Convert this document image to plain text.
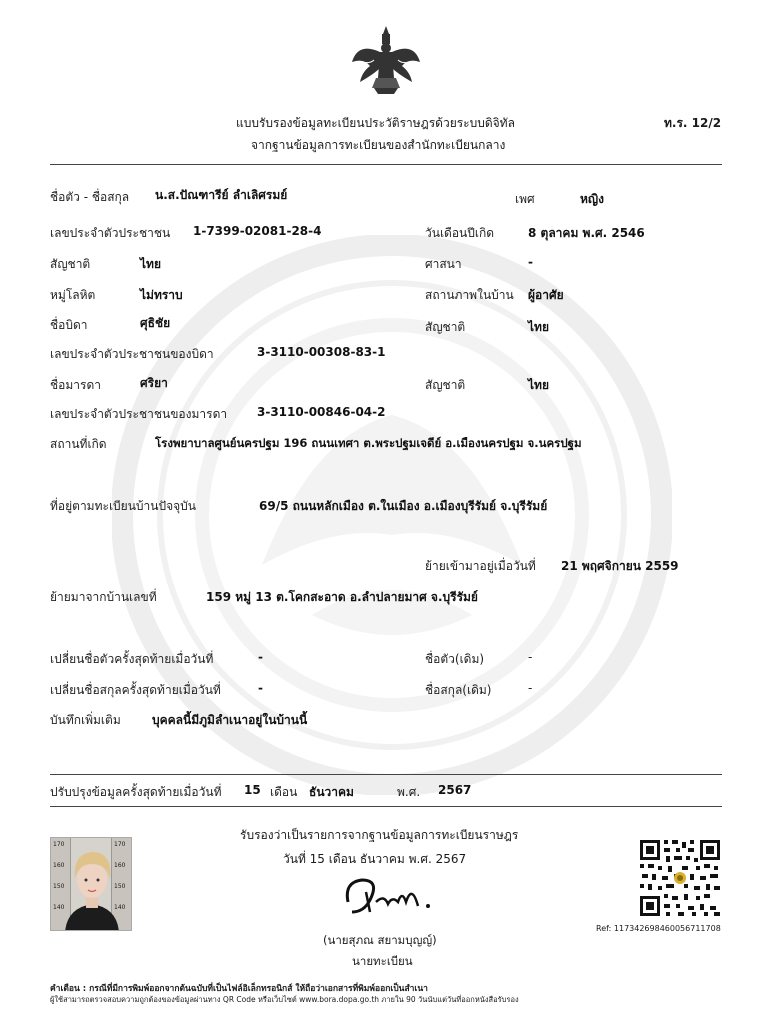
แบบรับรองข้อมูลทะเบียนประวัติราษฎรด้วยระบบดิจิทัล	ท.ร. 12/2
จากฐานข้อมูลการทะเบียนของสำนักทะเบียนกลาง
ชื่อตัว - ชื่อสกุล น.ส.ปัณฑารีย์ ลำเลิศรมย์	เพศ	หญิง
เลขประจำตัวประชาชน 1-7399-02081-28-4	วันเดือนปีเกิด	8 ตุลาคม พ.ศ. 2546
สัญชาติ	ไทย	ศาสนา	-
หมู่โลหิต	ไม่ทราบ	สถานภาพในบ้าน ผู้อาศัย
ชื่อบิดา	ศุธิชัย	สัญชาติ	ไทย
เลขประจำตัวประชาชนของบิดา	3-3110-00308-83-1
ชื่อมารดา	ศริยา	สัญชาติ	ไทย
เลขประจำตัวประชาชนของมารดา 3-3110-00846-04-2
สถานที่เกิด	โรงพยาบาลศูนย์นครปฐม 196 ถนนเทศา ต.พระปฐมเจดีย์ อ.เมืองนครปฐม จ.นครปฐม
ที่อยู่ตามทะเบียนบ้านปัจจุบัน	69/5 ถนนหลักเมือง ต.ในเมือง อ.เมืองบุรีรัมย์ จ.บุรีรัมย์
ย้ายเข้ามาอยู่เมื่อวันที่ 21 พฤศจิกายน 2559
ย้ายมาจากบ้านเลขที่	159 หมู่ 13 ต.โคกสะอาด อ.ลำปลายมาศ จ.บุรีรัมย์
เปลี่ยนชื่อตัวครั้งสุดท้ายเมื่อวันที่	-	ชื่อตัว(เดิม)	-
เปลี่ยนชื่อสกุลครั้งสุดท้ายเมื่อวันที่	-	ชื่อสกุล(เดิม)	-
บันทึกเพิ่มเติม	บุคคลนี้มีภูมิลำเนาอยู่ในบ้านนี้
ปรับปรุงข้อมูลครั้งสุดท้ายเมื่อวันที่ 15 เดือน ธันวาคม	พ.ศ. 2567
170
160
150
140
170
160
150
140
รับรองว่าเป็นรายการจากฐานข้อมูลการทะเบียนราษฎร
วันที่ 15 เดือน ธันวาคม พ.ศ. 2567
(นายสุภณ สยามบุญญ์)
นายทะเบียน
Ref: 117342698460056711708
คำเตือน : กรณีที่มีการพิมพ์ออกจากต้นฉบับที่เป็นไฟล์อิเล็กทรอนิกส์ ให้ถือว่าเอกสารที่พิมพ์ออกเป็นสำเนา
ผู้ใช้สามารถตรวจสอบความถูกต้องของข้อมูลผ่านทาง QR Code หรือเว็บไซต์ www.bora.dopa.go.th ภายใน 90 วันนับแต่วันที่ออกหนังสือรับรอง
